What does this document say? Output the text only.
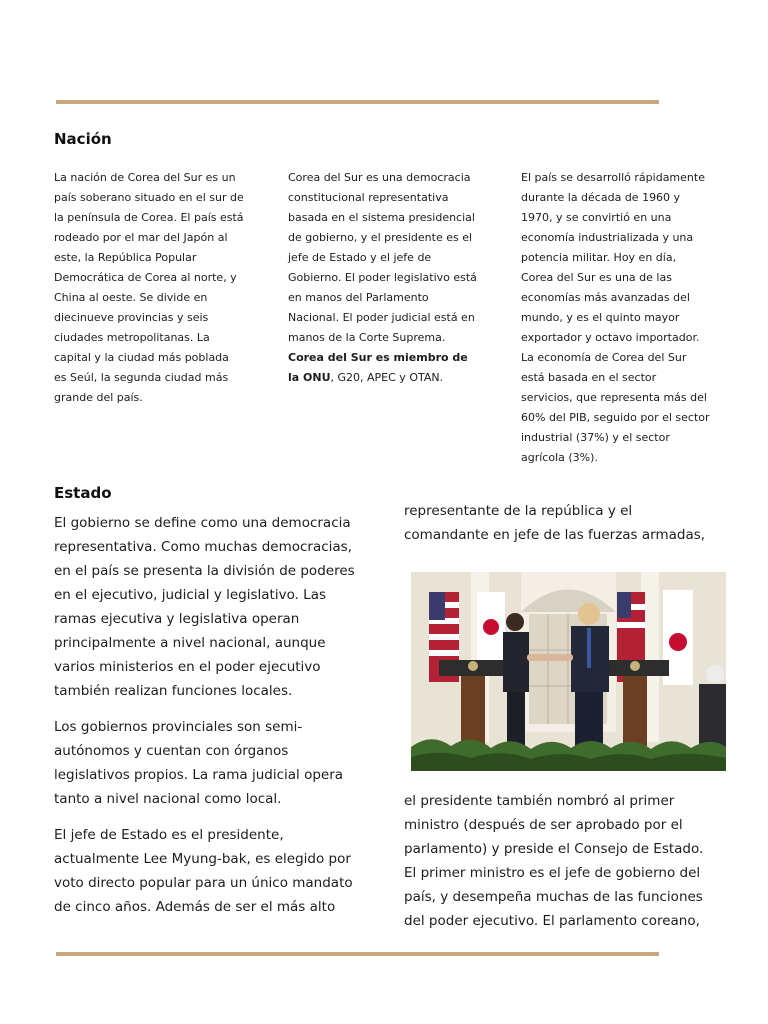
Nación

La nación de Corea del Sur es un país soberano situado en el sur de la península de Corea. El país está rodeado por el mar del Japón al este, la República Popular Democrática de Corea al norte, y China al oeste. Se divide en diecinueve provincias y seis ciudades metropolitanas. La capital y la ciudad más poblada es Seúl, la segunda ciudad más grande del país.

Corea del Sur es una democracia constitucional representativa basada en el sistema presidencial de gobierno, y el presidente es el jefe de Estado y el jefe de Gobierno. El poder legislativo está en manos del Parlamento Nacional. El poder judicial está en manos de la Corte Suprema. Corea del Sur es miembro de la ONU, G20, APEC y OTAN.

El país se desarrolló rápidamente durante la década de 1960 y 1970, y se convirtió en una economía industrializada y una potencia militar. Hoy en día, Corea del Sur es una de las economías más avanzadas del mundo, y es el quinto mayor exportador y octavo importador. La economía de Corea del Sur está basada en el sector servicios, que representa más del 60% del PIB, seguido por el sector industrial (37%) y el sector agrícola (3%).

Estado

El gobierno se define como una democracia representativa. Como muchas democracias, en el país se presenta la división de poderes en el ejecutivo, judicial y legislativo. Las ramas ejecutiva y legislativa operan principalmente a nivel nacional, aunque varios ministerios en el poder ejecutivo también realizan funciones locales.

Los gobiernos provinciales son semi-autónomos y cuentan con órganos legislativos propios. La rama judicial opera tanto a nivel nacional como local.

El jefe de Estado es el presidente, actualmente Lee Myung-bak, es elegido por voto directo popular para un único mandato de cinco años. Además de ser el más alto

representante de la república y el comandante en jefe de las fuerzas armadas,
el presidente también nombró al primer ministro (después de ser aprobado por el parlamento) y preside el Consejo de Estado. El primer ministro es el jefe de gobierno del país, y desempeña muchas de las funciones del poder ejecutivo. El parlamento coreano,
